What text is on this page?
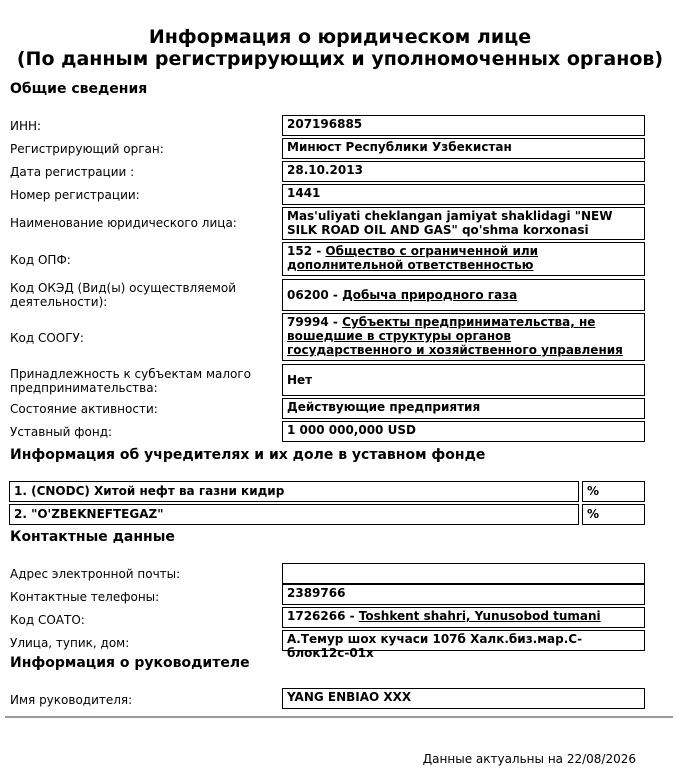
Информация о юридическом лице
(По данным регистрирующих и уполномоченных органов)
Общие сведения
ИНН:	207196885
Регистрирующий орган:	Минюст Республики Узбекистан
Дата регистрации :	28.10.2013
Номер регистрации:	1441
Наименование юридического лица:	Mas'uliyati cheklangan jamiyat shaklidagi "NEW SILK ROAD OIL AND GAS" qo'shma korxonasi
Код ОПФ:
152 - Общество с ограниченной или дополнительной ответственностью
Код ОКЭД (Вид(ы) осуществляемой деятельности):	06200 - Добыча природного газа
Код СООГУ:
79994 - Субъекты предпринимательства, не вошедшие в структуры органов государственного и хозяйственного управления
Принадлежность к субъектам малого предпринимательства:
Нет
Состояние активности:	Действующие предприятия
Уставный фонд:	1 000 000,000 USD
Информация об учредителях и их доле в уставном фонде
1. (CNODC) Хитой нефт ва газни кидир	%
2. "O'ZBEKNEFTEGAZ"	%
Контактные данные
Адрес электронной почты:
Контактные телефоны:	2389766
Код СОАТО:	1726266 - Toshkent shahri, Yunusobod tumani
Улица, тупик, дом:	А.Темур шох кучаси 107б Халк.биз.мар.С-блок12с-01х
Информация о руководителе
Имя руководителя:	YANG ENBIAO XXX
Данные актуальны на 22/08/2026
